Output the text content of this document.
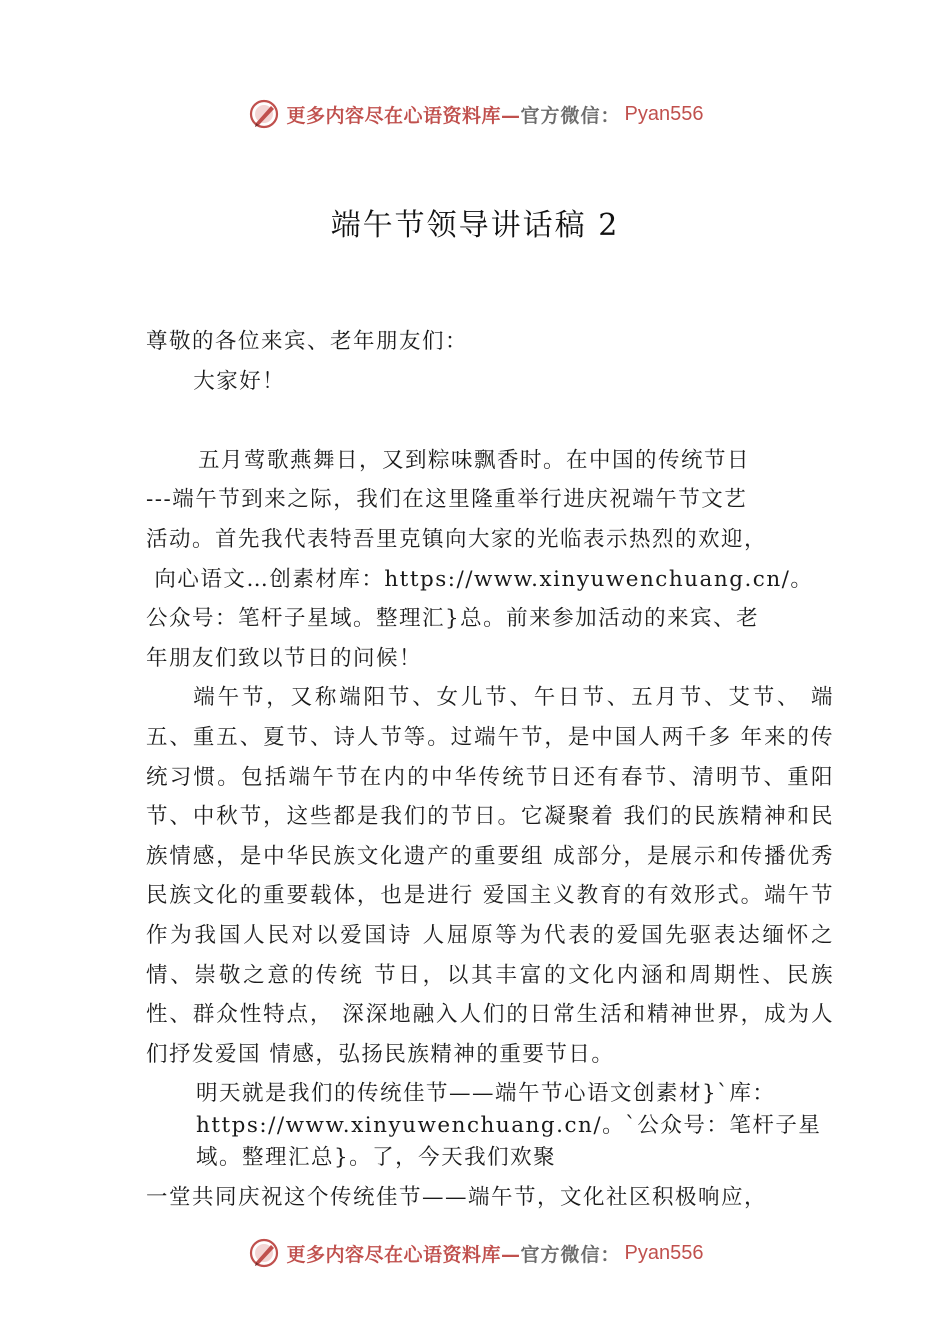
更多内容尽在心语资料库— 官方微信： Pyan556
端午节领导讲话稿 2

尊敬的各位来宾、老年朋友们：

大家好！

五月莺歌燕舞日，又到粽味飘香时。在中国的传统节日
---端午节到来之际，我们在这里隆重举行进庆祝端午节文艺
活动。首先我代表特吾里克镇向大家的光临表示热烈的欢迎，
向心语文…创素材库：https://www.xinyuwenchuang.cn/。
公众号：笔杆子星域。整理汇}总。前来参加活动的来宾、老
年朋友们致以节日的问候！

端午节，又称端阳节、女儿节、午日节、五月节、艾节、 端五、重五、夏节、诗人节等。过端午节，是中国人两千多 年来的传统习惯。包括端午节在内的中华传统节日还有春节、清明节、重阳节、中秋节，这些都是我们的节日。它凝聚着 我们的民族精神和民族情感，是中华民族文化遗产的重要组 成部分，是展示和传播优秀民族文化的重要载体，也是进行 爱国主义教育的有效形式。端午节作为我国人民对以爱国诗 人屈原等为代表的爱国先驱表达缅怀之情、崇敬之意的传统 节日，以其丰富的文化内涵和周期性、民族性、群众性特点， 深深地融入人们的日常生活和精神世界，成为人们抒发爱国 情感，弘扬民族精神的重要节日。

明天就是我们的传统佳节——端午节心语文创素材}`库：
https://www.xinyuwenchuang.cn/。`公众号：笔杆子星
域。整理汇总}。了，今天我们欢聚

一堂共同庆祝这个传统佳节——端午节，文化社区积极响应，

更多内容尽在心语资料库— 官方微信： Pyan556
